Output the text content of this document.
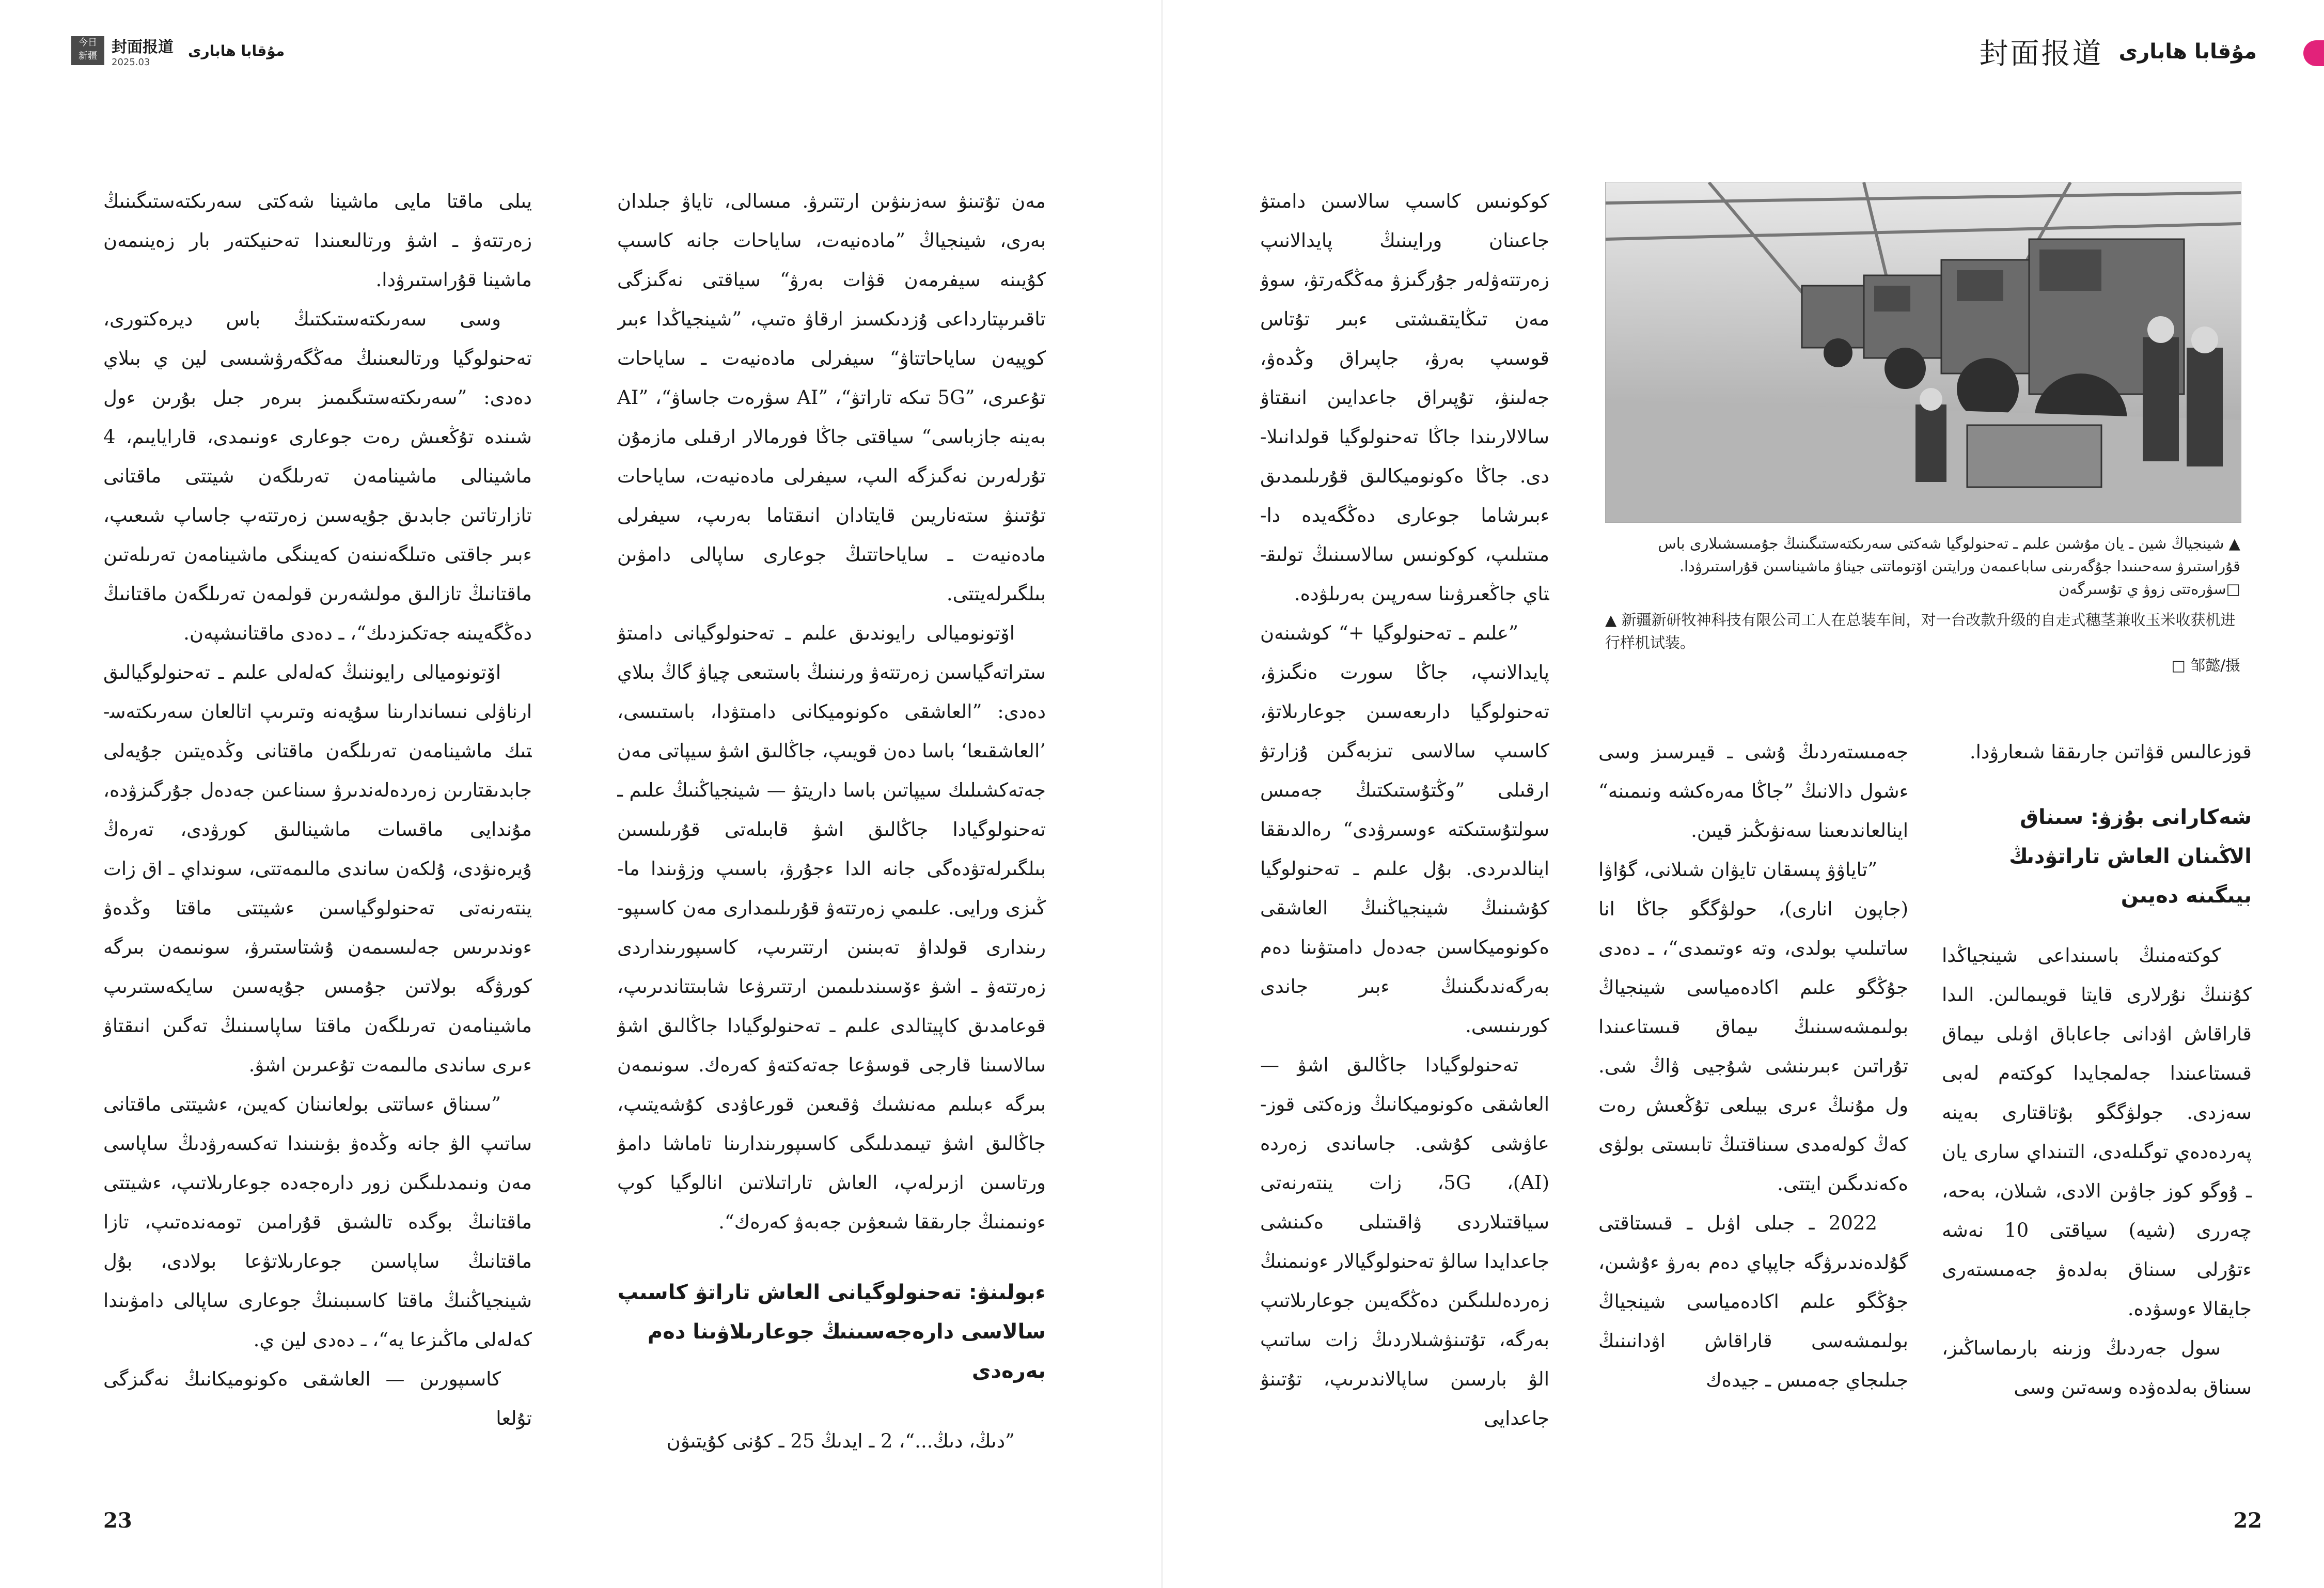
今日
新疆 封面报道
2025.03
مۇقابا ھابارى

يىلى ماقتا مايى ماشينا شەكتى سەرىكتەستىگىنىڭ زەرتتەۋ ـ اشۋ ورتالىعىندا تەحنيكتەر بار زەينىمەن ماشينا قۇراستىرۋدا.

وسى سەرىكتەستىكتىڭ باس ديرەكتورى، تەحنولوگيا ورتالىعىنىڭ مەڭگەرۋشىسى لين ي بىلاي دەدى: ”سەرىكتەستىگىمىز بىرەر جىل بۇرىن ءول شىندە تۇڭعىش رەت جوعارى ءونىمدى، قارايايىم، 4 ماشينالى ماشينامەن تەرىلگەن شيتتى ماقتانى تازارتاتىن جابدىق جۇيەسىن زەرتتەپ جاساپ شىعىپ، ءبىر جاقتى ەتىلگەنىنەن كەيىنگى ماشينامەن تەرىلەتىن ماقتانىڭ تازالىق مولشەرىن قولمەن تەرىلگەن ماقتانىڭ دەڭگەيىنە جەتكىزدىك“، ـ دەدى ماقتانىشپەن.

اۆتونوميالى رايوننىڭ كەلەلى علىم ـ تەحنولوگيالىق ارناۋلى نىساندارىنا سۇيەنە وتىرىپ اتالعان سەرىكتەستىك ماشينامەن تەرىلگەن ماقتانى وڭدەيتىن جۇيەلى جابدىقتارىن زەردەلەندىرۋ سىناعىن جەدەل جۇرگىزۋدە، مۇندايى ماقسات ماشينالىق كورۋدى، تەرەڭ ۇيرەنۋدى، ۇلكەن ساندى مالىمەتتى، سونداي ـ اق زات ينتەرنەتى تەحنولوگياسىن ءشيتتى ماقتا وڭدەۋ ءوندىرىس جەلىسىمەن ۇشتاستىرۋ، سونىمەن بىرگە كورۋگە بولاتىن جۇمىس جۇيەسىن سايكەستىرىپ ماشينامەن تەرىلگەن ماقتا ساپاسىنىڭ تەگىن انىقتاۋ ءىرى ساندى مالىمەت تۇعىرىن اشۋ.

”سىناق ءساتتى بولعانىنان كەيىن، ءشيتتى ماقتانى ساتىپ الۋ جانە وڭدەۋ بۋىنىندا تەكسەرۋدىڭ ساپاسى مەن ونىمدىلىگىن زور دارەجەدە جوعارىلاتىپ، ءشيتتى ماقتانىڭ بوگدە تالشىق قۇرامىن تومەندەتىپ، تازا ماقتانىڭ ساپاسىن جوعارىلاتۋعا بولادى، بۇل شينجياڭنىڭ ماقتا كاسىبىنىڭ جوعارى ساپالى دامۋىندا كەلەلى ماڭىزعا يە“، ـ دەدى لين ي.

كاسىپورىن — العاشقى ەكونوميكانىڭ نەگىزگى تۇلعا

مەن تۇتىنۋ سەزىنۋىن ارتتىرۋ. مىسالى، تاياۋ جىلدان بەرى، شينجياڭ ”مادەنيەت، ساياحات جانە كاسىپ كۇيىنە سيفرمەن قۋات بەرۋ“ سياقتى نەگىزگى تاقىرىپتارداعى ۇزدىكسىز ارقاۋ ەتىپ، ”شينجياڭدا ءبىر كوپيەن ساياحاتتاۋ“ سيفرلى مادەنيەت ـ ساياحات تۇعىرى، ”5G تىكە تاراتۋ“، ”AI سۋرەت جاساۋ“، ”AI بەينە جازباسى“ سياقتى جاڭا فورمالار ارقىلى مازمۇن تۇرلەرىن نەگىزگە الىپ، سيفرلى مادەنيەت، ساياحات تۇتىنۋ ستەناريىن قايتادان انىقتاما بەرىپ، سيفرلى مادەنيەت ـ ساياحاتتىڭ جوعارى ساپالى دامۋىن بىلگىرلەيتتى.

اۆتونوميالى رايوندىق علىم ـ تەحنولوگيانى دامىتۋ ستراتەگياسىن زەرتتەۋ ورنىنىڭ باستىعى چياۋ گاڭ بىلاي دەدى: ”العاشقى ەكونوميكانى دامىتۋدا، باستىسى، ’العاشقىعا‘ باسا دەن قويىپ، جاڭالىق اشۋ سيپاتى مەن جەتەكشىلىك سيپاتىن باسا داريتۋ — شينجياڭنىڭ علىم ـ تەحنولوگيادا جاڭالىق اشۋ قابىلەتى قۇرىلىسىن بىلگىرلەتۋدەگى جانە الدا ءجۇرۋ، باسىپ وزۋىندا ماڭىزى ورايى. علىمي زەرتتەۋ قۇرىلىمدارى مەن كاسىپورىندارى قولداۋ تەبىنىن ارتتىرىپ، كاسىپورىنداردى زەرتتەۋ ـ اشۋ ءۆسىندىلىمىن ارتتىرۋعا شابىتتاندىرىپ، قوعامدىق كاپيتالدى علىم ـ تەحنولوگيادا جاڭالىق اشۋ سالاسىنا قارجى قوسۋعا جەتەكتەۋ كەرەك. سونىمەن بىرگە ءبىلىم مەنشىك ۋقىعىن قورعاۋدى كۇشەيتىپ، جاڭالىق اشۋ تيىمدىلىگى كاسىپورىندارىنا تاماشا دامۋ ورتاسىن ازىرلەپ، العاش تاراتىلاتىن انالوگيا كوپ ءونىمنىڭ جارىققا شىعۋىن جەبەۋ كەرەك“.

ءبولىنۋ: تەحنولوگيانى العاش تاراتۋ كاسىپ سالاسى دارەجەسىنىڭ جوعارىلاۋىنا دەم بەرەدى

”دىڭ، دىڭ...“، 2 ـ ايدىڭ 25 ـ كۇنى كۇيتىۋن

23
封面报道 مۇقابا ھاباری
22
▲ شينجياڭ شين ـ يان مۇشىن علىم ـ تەحنولوگيا شەكتى سەرىكتەستىگىنىڭ جۇمىسشىلارى باس قۇراستىرۋ سەحىنىدا جۇگەرىنى ساباعىمەن ورايتىن اۆتوماتتى جيناۋ ماشيناسىن قۇراستىرۋدا.
□سۋرەتتى زوۋ ي تۇسىرگەن
▲ 新疆新研牧神科技有限公司工人在总装车间，对一台改款升级的自走式穗茎兼收玉米收获机进行样机试装。
□ 邹懿/摄

كوكونىس كاسىپ سالاسىن دامىتۋ جاعىنان ورايىنىڭ پايدالانىپ زەرتتەۋلەر جۇرگىزۋ مەڭگەرتۋ، سوۋ مەن تىڭايتقىشتى ءبىر تۇتاس قوسىپ بەرۋ، جاپىراق وڭدەۋ، جەلىنۋ، تۇپىراق جاعدايىن انىقتاۋ سالالارىندا جاڭا تەحنولوگيا قولدانىلادى. جاڭا ەكونوميكالىق قۇرىلىمدىق ءبىرشاما جوعارى دەڭگەيدە دامىتىلىپ، كوكونىس سالاسىنىڭ تولىقتاي جاڭعىرۋىنا سەرپىن بەرىلۋدە.

”علىم ـ تەحنولوگيا +“ كوشىنەن پايدالانىپ، جاڭا سورت ەنگىزۋ، تەحنولوگيا دارىعەسىن جوعارىلاتۋ، كاسىپ سالاسى تىزبەگىن ۇزارتۋ ارقىلى ”وڭتۇستىكتىڭ جەمىس سولتۇستىكتە ءوسىرۋدى“ رەالدىققا اينالدىردى. بۇل علىم ـ تەحنولوگيا كۇشىنىڭ شينجياڭنىڭ العاشقى ەكونوميكاسىن جەدەل دامىتۋىنا دەم بەرگەندىگىنىڭ ءبىر جاندى كورىنىسى.

تەحنولوگيادا جاڭالىق اشۋ — العاشقى ەكونوميكانىڭ وزەكتى قوزعاۋشى كۇشى. جاساندى زەردە (AI)، 5G، زات ينتەرنەتى سياقتىلاردى ۋاقىتىلى ەكىنشى جاعدايدا سالۋ تەحنولوگيالار ءونىمنىڭ زەردەلىلىگىن دەڭگەيىن جوعارىلاتىپ بەرگە، تۇتىنۋشىلاردىڭ زات ساتىپ الۋ بارسىن ساپالاندىرىپ، تۇتىنۋ جاعدايى

جەمىستەردىڭ ۇشى ـ قيىرسىز وسى ءشول دالانىڭ ”جاڭا مەرەكشە ونىمىنە“ اينالعاندىعىنا سەنۋىڭىز قيىن.

”تاياۋۋ پىسقان تايۋان شىلانى، گۇاۋا (جاپون انارى)، حولۋگگو جاڭا انا ساتىلىپ بولدى، وتە ءوتىمدى“، ـ دەدى جۇڭگو علىم اكادەمياسى شينجياڭ بولىمشەسىنىڭ ىيماق قىستاعىندا تۇراتىن ءبىرىنشى شۇجيى ۋاڭ شى. ول مۇنىڭ ءىرى بيىلعى تۇڭعىش رەت كەڭ كولەمدى سىناقتىڭ تابىستى بولۋى ەكەندىگىن ايتتى.

2022 ـ جىلى اۋىل ـ قىستاقتى گۇلدەندىرۋگە جاپپاي دەم بەرۋ ءۇشىن، جۇڭگو علىم اكادەمياسى شينجياڭ بولىمشەسى قاراقاش اۋدانىنىڭ جىلىجاي جەمىس ـ جيدەك

قوزعالىس قۋاتىن جارىققا شىعارۋدا.

شەكارانى بۇزۋ: سىناق الاڭىنان العاش تاراتۋدىڭ بيىگىنە دەيىن

كوكتەمنىڭ باسىنداعى شينجياڭدا كۇننىڭ نۇرلارى قايتا قويىمالىن. الىدا قاراقاش اۋدانى جاعاباق اۋىلى ىيماق قىستاعىندا جەلمجايدا كوكتەم لەبى سەزدى. جولۋگگو بۇتاقتارى بەينە پەردەدەي توگىلەدى، التىنداي سارى يان ـ ۇوگو كوز جاۋىن الادى، شىلان، بەحە، چەررى (شيە) سياقتى 10 نەشە ءتۇرلى سىناق بەلدەۋ جەمىستەرى جايقالا ءوسۋدە.

سول جەردىڭ وزىنە بارىماساڭىز، سىناق بەلدەۋدە وسەتىن وسى
